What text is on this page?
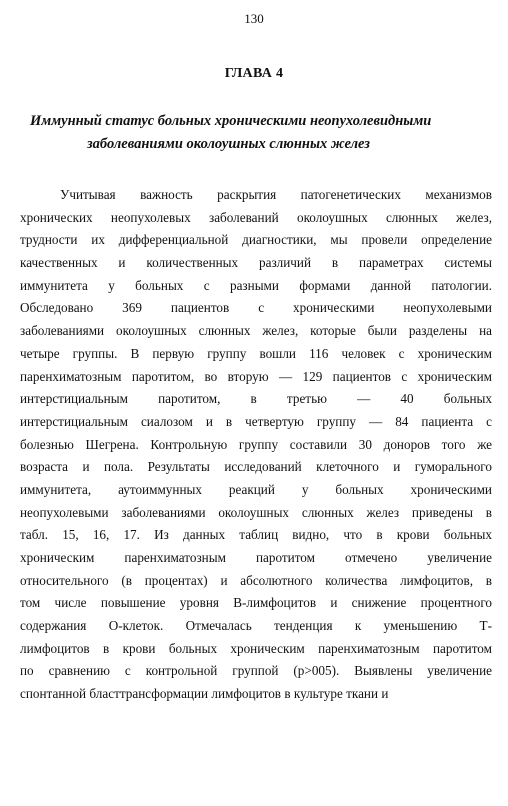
130
ГЛАВА 4
Иммунный статус больных хроническими неопухолевидными
заболеваниями околоушных слюнных желез
Учитывая важность раскрытия патогенетических механизмов
хронических неопухолевых заболеваний околоушных слюнных желез,
трудности их дифференциальной диагностики, мы провели определение
качественных и количественных различий в параметрах системы
иммунитета у больных с разными формами данной патологии.
Обследовано 369 пациентов с хроническими неопухолевыми
заболеваниями околоушных слюнных желез, которые были разделены на
четыре группы. В первую группу вошли 116 человек с хроническим
паренхиматозным паротитом, во вторую — 129 пациентов с хроническим
интерстициальным паротитом, в третью — 40 больных
интерстициальным сиалозом и в четвертую группу — 84 пациента с
болезнью Шегрена. Контрольную группу составили 30 доноров того же
возраста и пола. Результаты исследований клеточного и гуморального
иммунитета, аутоиммунных реакций у больных хроническими
неопухолевыми заболеваниями околоушных слюнных желез приведены в
табл. 15, 16, 17. Из данных таблиц видно, что в крови больных
хроническим паренхиматозным паротитом отмечено увеличение
относительного (в процентах) и абсолютного количества лимфоцитов, в
том числе повышение уровня В-лимфоцитов и снижение процентного
содержания О-клеток. Отмечалась тенденция к уменьшению Т-
лимфоцитов в крови больных хроническим паренхиматозным паротитом
по сравнению с контрольной группой (p>005). Выявлены увеличение
спонтанной бласттрансформации лимфоцитов в культуре ткани и
